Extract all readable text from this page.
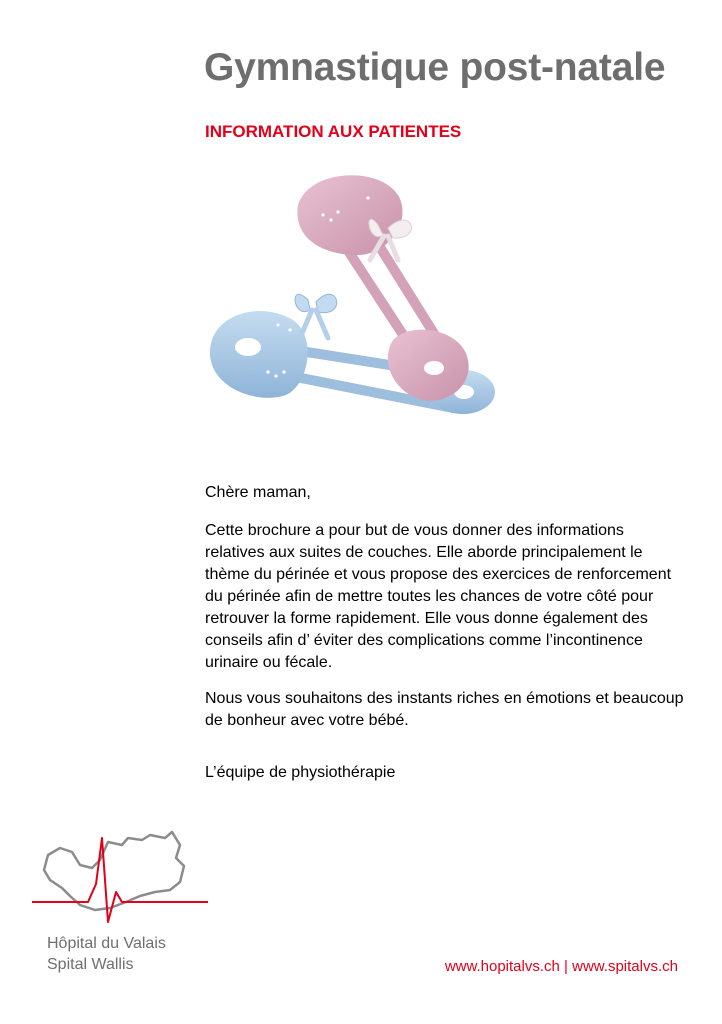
Gymnastique post-natale
INFORMATION AUX PATIENTES

Chère maman,

Cette brochure a pour but de vous donner des informations relatives aux suites de couches. Elle aborde principalement le thème du périnée et vous propose des exercices de renforcement du périnée afin de mettre toutes les chances de votre côté pour retrouver la forme rapidement. Elle vous donne également des conseils afin d’ éviter des complications comme l’incontinence urinaire ou fécale.

Nous vous souhaitons des instants riches en émotions et beaucoup de bonheur avec votre bébé.

L’équipe de physiothérapie

Hôpital du Valais
Spital Wallis	www.hopitalvs.ch | www.spitalvs.ch
